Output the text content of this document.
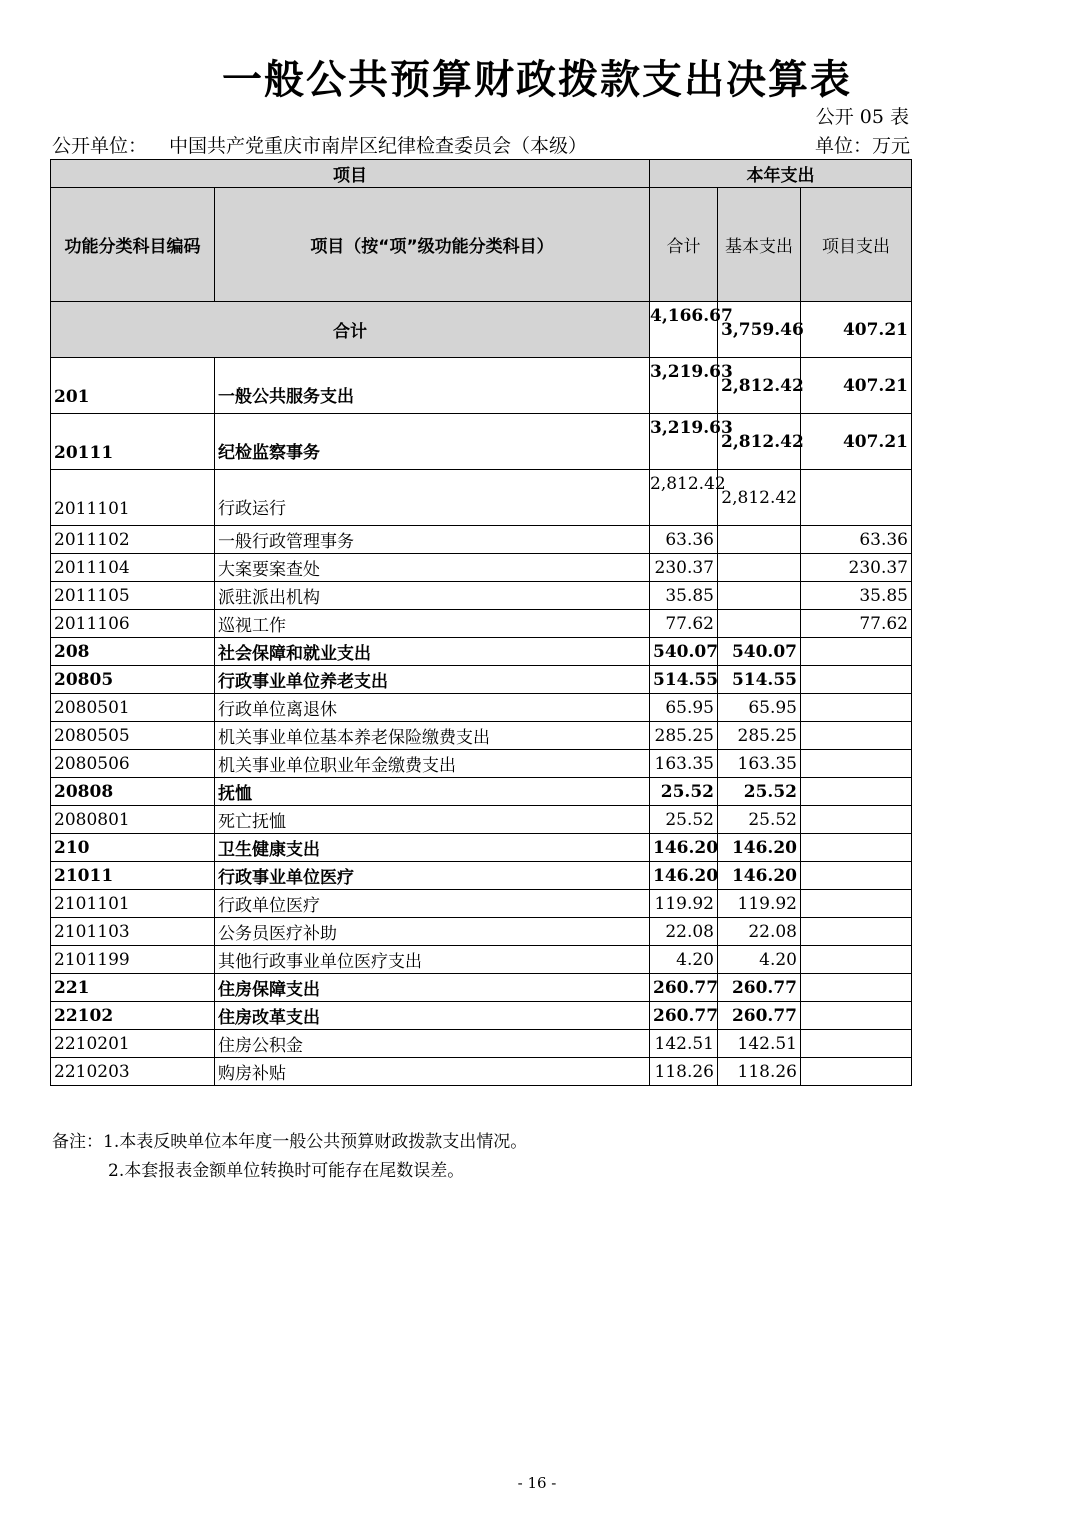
一般公共预算财政拨款支出决算表
公开 05 表
公开单位： 中国共产党重庆市南岸区纪律检查委员会（本级）	单位：万元
项目		本年支出		
功能分类科目编码	项目（按“项”级功能分类科目）	合计	基本支出	项目支出
合计		4,166.67	3,759.46	407.21
201	一般公共服务支出	3,219.63	2,812.42	407.21
20111	纪检监察事务	3,219.63	2,812.42	407.21
2011101	行政运行	2,812.42	2,812.42	
2011102	一般行政管理事务	63.36		63.36
2011104	大案要案查处	230.37		230.37
2011105	派驻派出机构	35.85		35.85
2011106	巡视工作	77.62		77.62
208	社会保障和就业支出	540.07	540.07	
20805	行政事业单位养老支出	514.55	514.55	
2080501	行政单位离退休	65.95	65.95	
2080505	机关事业单位基本养老保险缴费支出	285.25	285.25	
2080506	机关事业单位职业年金缴费支出	163.35	163.35	
20808	抚恤	25.52	25.52	
2080801	死亡抚恤	25.52	25.52	
210	卫生健康支出	146.20	146.20	
21011	行政事业单位医疗	146.20	146.20	
2101101	行政单位医疗	119.92	119.92	
2101103	公务员医疗补助	22.08	22.08	
2101199	其他行政事业单位医疗支出	4.20	4.20	
221	住房保障支出	260.77	260.77	
22102	住房改革支出	260.77	260.77	
2210201	住房公积金	142.51	142.51	
2210203	购房补贴	118.26	118.26	
备注：1.本表反映单位本年度一般公共预算财政拨款支出情况。
2.本套报表金额单位转换时可能存在尾数误差。
- 16 -
